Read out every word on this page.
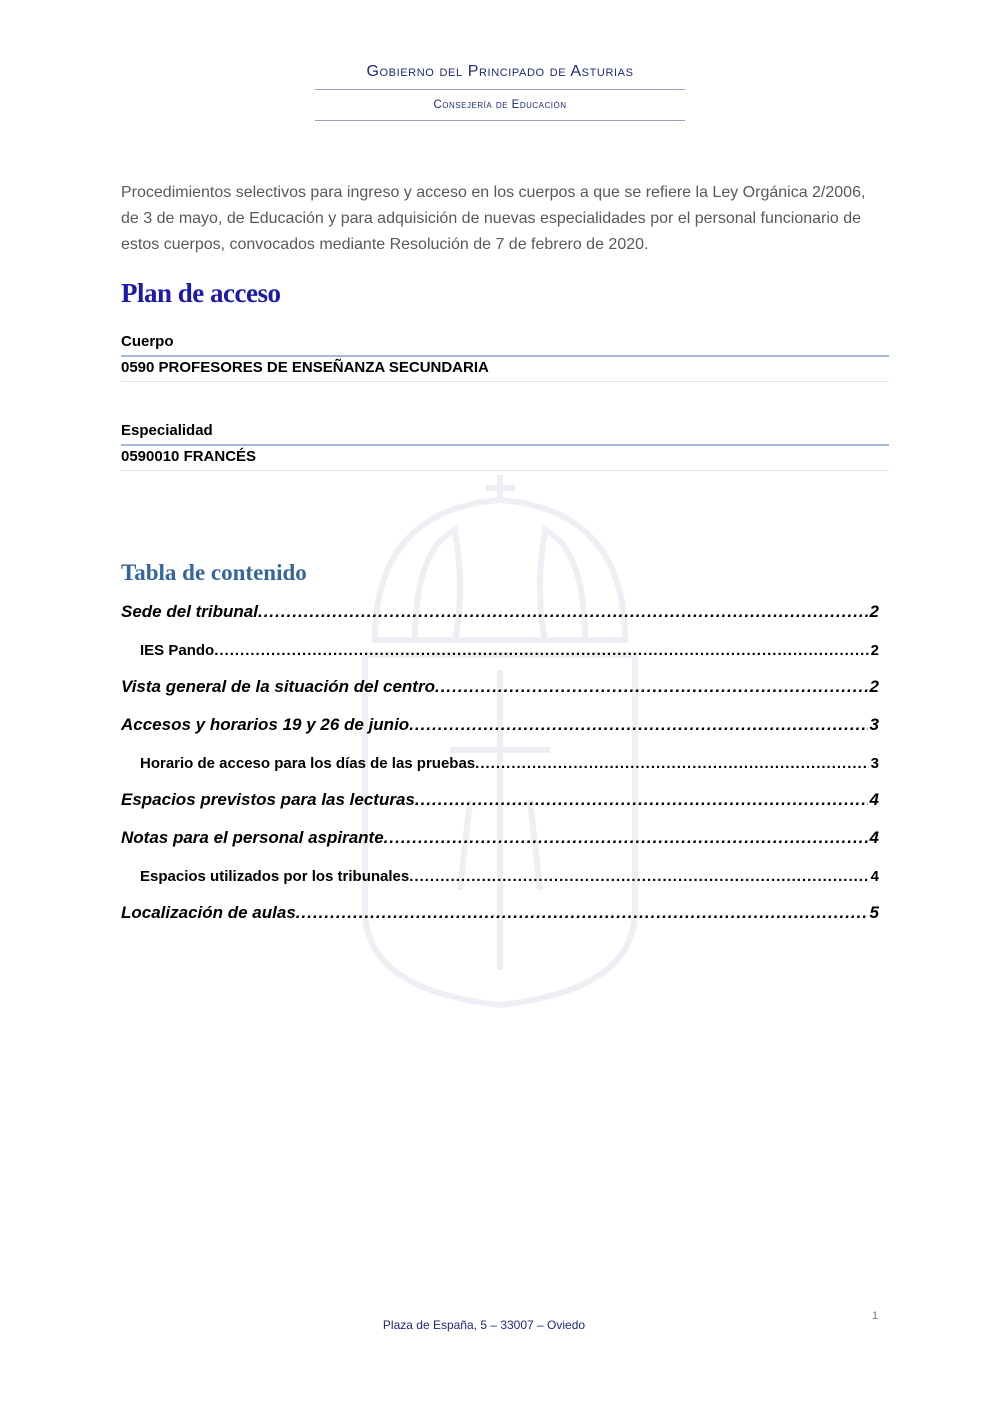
Gobierno del Principado de Asturias
Consejería de Educación
Procedimientos selectivos para ingreso y acceso en los cuerpos a que se refiere la Ley Orgánica 2/2006, de 3 de mayo, de Educación y para adquisición de nuevas especialidades por el personal funcionario de estos cuerpos, convocados mediante Resolución de 7 de febrero de 2020.
Plan de acceso
Cuerpo
0590 PROFESORES DE ENSEÑANZA SECUNDARIA
Especialidad
0590010 FRANCÉS
Tabla de contenido
Sede del tribunal .....	2
IES Pando .....	2
Vista general de la situación del centro .....	2
Accesos y horarios 19 y 26 de junio .....	3
Horario de acceso para los días de las pruebas .....	3
Espacios previstos para las lecturas .....	4
Notas para el personal aspirante .....	4
Espacios utilizados por los tribunales .....	4
Localización de aulas .....	5
1
Plaza de España, 5 – 33007 – Oviedo
